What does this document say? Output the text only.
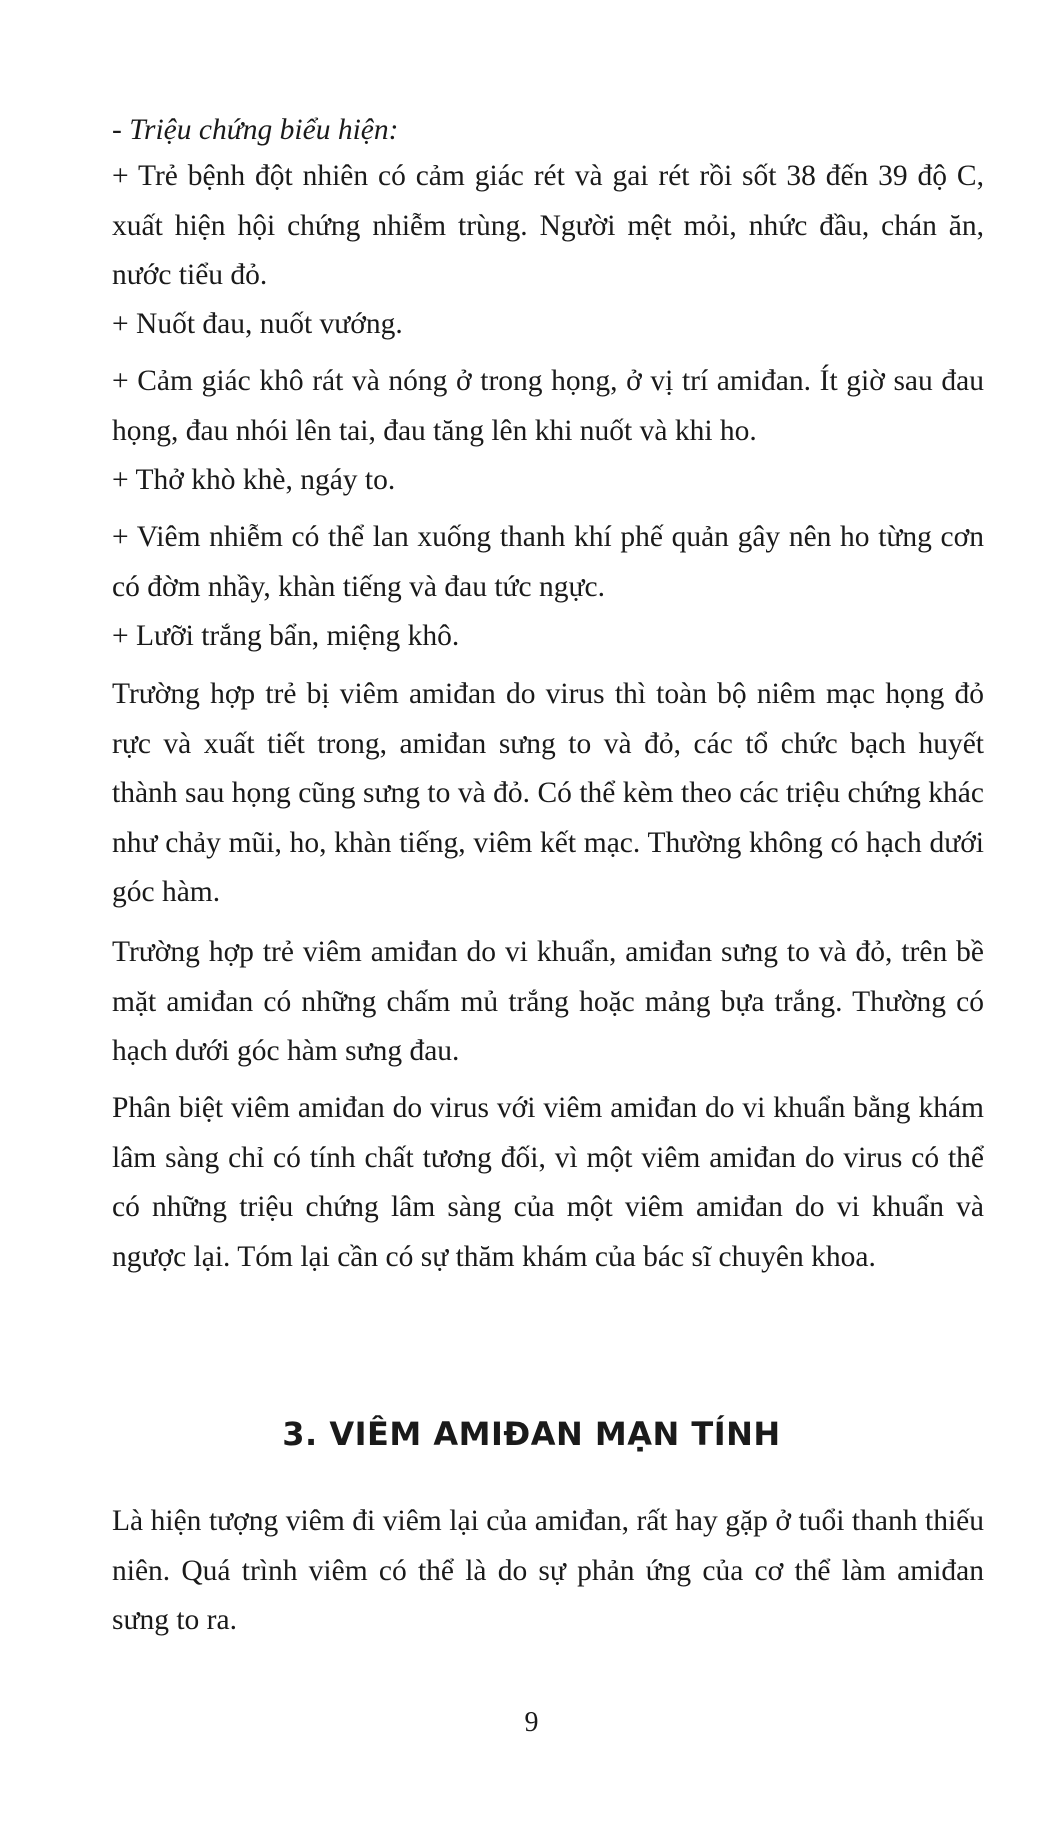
- Triệu chứng biểu hiện:

+ Trẻ bệnh đột nhiên có cảm giác rét và gai rét rồi sốt 38 đến 39 độ C, xuất hiện hội chứng nhiễm trùng. Người mệt mỏi, nhức đầu, chán ăn, nước tiểu đỏ.

+ Nuốt đau, nuốt vướng.

+ Cảm giác khô rát và nóng ở trong họng, ở vị trí amiđan. Ít giờ sau đau họng, đau nhói lên tai, đau tăng lên khi nuốt và khi ho.

+ Thở khò khè, ngáy to.

+ Viêm nhiễm có thể lan xuống thanh khí phế quản gây nên ho từng cơn có đờm nhầy, khàn tiếng và đau tức ngực.

+ Lưỡi trắng bẩn, miệng khô.

Trường hợp trẻ bị viêm amiđan do virus thì toàn bộ niêm mạc họng đỏ rực và xuất tiết trong, amiđan sưng to và đỏ, các tổ chức bạch huyết thành sau họng cũng sưng to và đỏ. Có thể kèm theo các triệu chứng khác như chảy mũi, ho, khàn tiếng, viêm kết mạc. Thường không có hạch dưới góc hàm.

Trường hợp trẻ viêm amiđan do vi khuẩn, amiđan sưng to và đỏ, trên bề mặt amiđan có những chấm mủ trắng hoặc mảng bựa trắng. Thường có hạch dưới góc hàm sưng đau.

Phân biệt viêm amiđan do virus với viêm amiđan do vi khuẩn bằng khám lâm sàng chỉ có tính chất tương đối, vì một viêm amiđan do virus có thể có những triệu chứng lâm sàng của một viêm amiđan do vi khuẩn và ngược lại. Tóm lại cần có sự thăm khám của bác sĩ chuyên khoa.

3. VIÊM AMIĐAN MẠN TÍNH

Là hiện tượng viêm đi viêm lại của amiđan, rất hay gặp ở tuổi thanh thiếu niên. Quá trình viêm có thể là do sự phản ứng của cơ thể làm amiđan sưng to ra.

9
